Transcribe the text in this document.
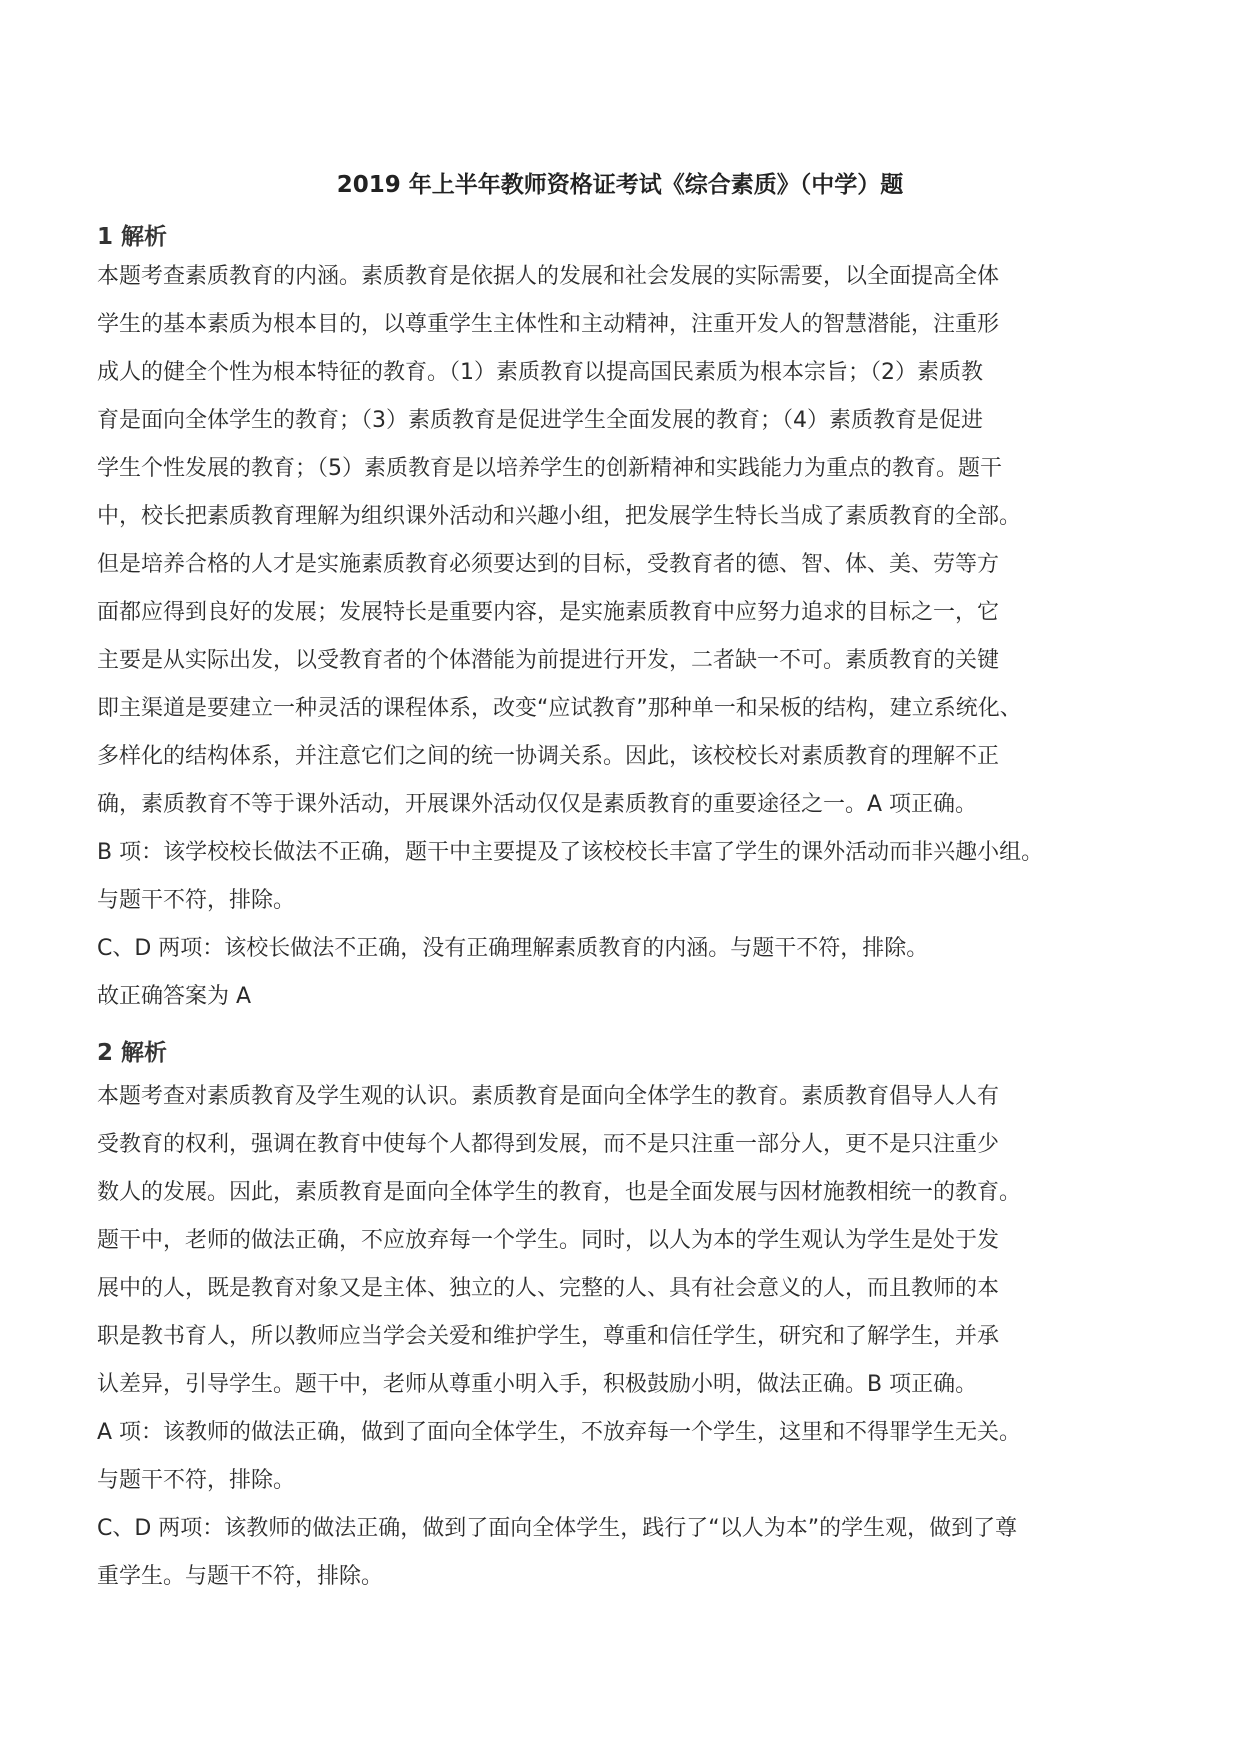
2019 年上半年教师资格证考试《综合素质》（中学）题
1 解析
本题考查素质教育的内涵。素质教育是依据人的发展和社会发展的实际需要，以全面提高全体
学生的基本素质为根本目的，以尊重学生主体性和主动精神，注重开发人的智慧潜能，注重形
成人的健全个性为根本特征的教育。（1）素质教育以提高国民素质为根本宗旨；（2）素质教
育是面向全体学生的教育；（3）素质教育是促进学生全面发展的教育；（4）素质教育是促进
学生个性发展的教育；（5）素质教育是以培养学生的创新精神和实践能力为重点的教育。题干
中，校长把素质教育理解为组织课外活动和兴趣小组，把发展学生特长当成了素质教育的全部。
但是培养合格的人才是实施素质教育必须要达到的目标，受教育者的德、智、体、美、劳等方
面都应得到良好的发展；发展特长是重要内容，是实施素质教育中应努力追求的目标之一，它
主要是从实际出发，以受教育者的个体潜能为前提进行开发，二者缺一不可。素质教育的关键
即主渠道是要建立一种灵活的课程体系，改变“应试教育”那种单一和呆板的结构，建立系统化、
多样化的结构体系，并注意它们之间的统一协调关系。因此，该校校长对素质教育的理解不正
确，素质教育不等于课外活动，开展课外活动仅仅是素质教育的重要途径之一。A 项正确。
B 项：该学校校长做法不正确，题干中主要提及了该校校长丰富了学生的课外活动而非兴趣小组。
与题干不符，排除。
C、D 两项：该校长做法不正确，没有正确理解素质教育的内涵。与题干不符，排除。
故正确答案为 A
2 解析
本题考查对素质教育及学生观的认识。素质教育是面向全体学生的教育。素质教育倡导人人有
受教育的权利，强调在教育中使每个人都得到发展，而不是只注重一部分人，更不是只注重少
数人的发展。因此，素质教育是面向全体学生的教育，也是全面发展与因材施教相统一的教育。
题干中，老师的做法正确，不应放弃每一个学生。同时，以人为本的学生观认为学生是处于发
展中的人，既是教育对象又是主体、独立的人、完整的人、具有社会意义的人，而且教师的本
职是教书育人，所以教师应当学会关爱和维护学生，尊重和信任学生，研究和了解学生，并承
认差异，引导学生。题干中，老师从尊重小明入手，积极鼓励小明，做法正确。B 项正确。
A 项：该教师的做法正确，做到了面向全体学生，不放弃每一个学生，这里和不得罪学生无关。
与题干不符，排除。
C、D 两项：该教师的做法正确，做到了面向全体学生，践行了“以人为本”的学生观，做到了尊
重学生。与题干不符，排除。
